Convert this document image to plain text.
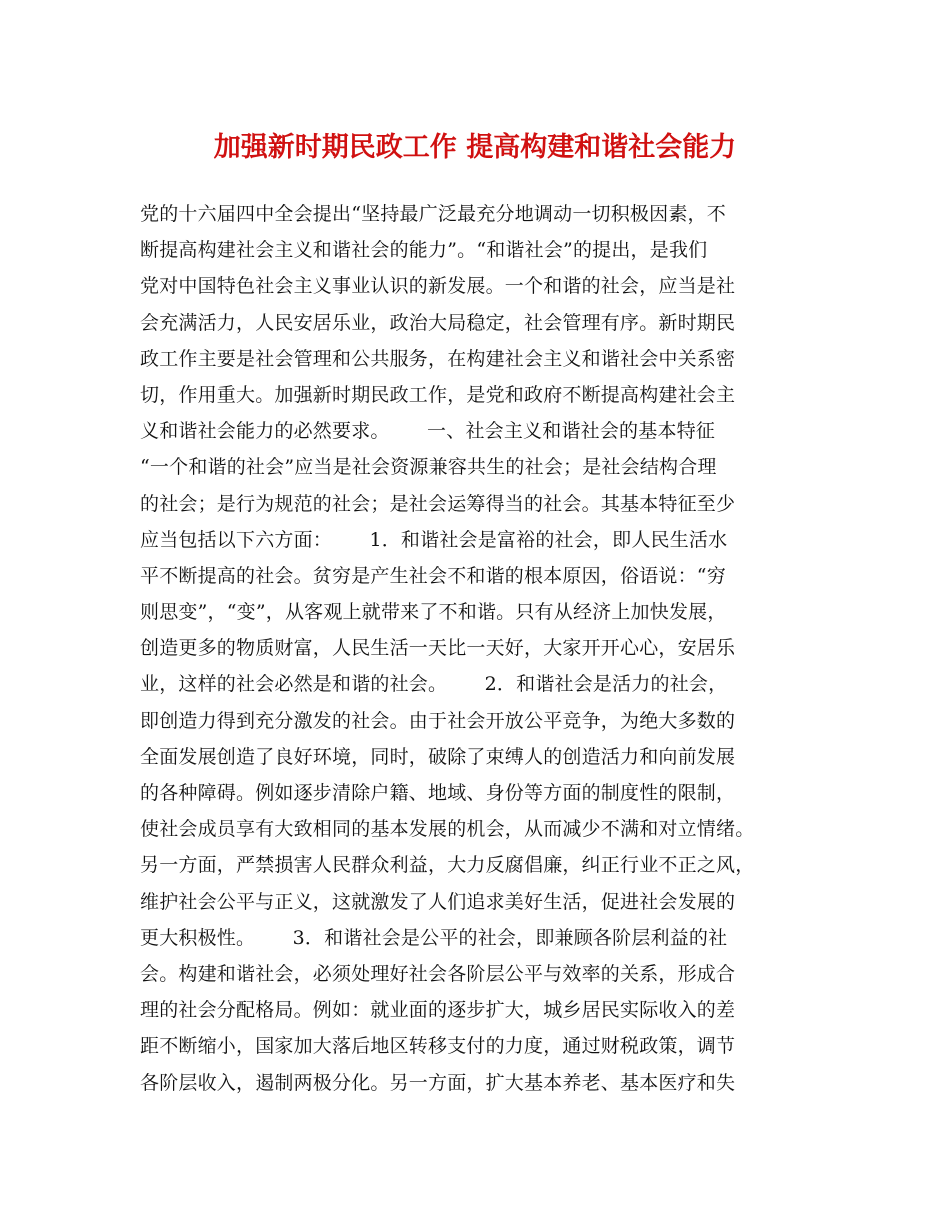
加强新时期民政工作 提高构建和谐社会能力
党的十六届四中全会提出“坚持最广泛最充分地调动一切积极因素，不
断提高构建社会主义和谐社会的能力”。“和谐社会”的提出，是我们
党对中国特色社会主义事业认识的新发展。一个和谐的社会，应当是社
会充满活力，人民安居乐业，政治大局稳定，社会管理有序。新时期民
政工作主要是社会管理和公共服务，在构建社会主义和谐社会中关系密
切，作用重大。加强新时期民政工作，是党和政府不断提高构建社会主
义和谐社会能力的必然要求。      一、社会主义和谐社会的基本特征
“一个和谐的社会”应当是社会资源兼容共生的社会；是社会结构合理
的社会；是行为规范的社会；是社会运筹得当的社会。其基本特征至少
应当包括以下六方面：      1．和谐社会是富裕的社会，即人民生活水
平不断提高的社会。贫穷是产生社会不和谐的根本原因，俗语说：“穷
则思变”，“变”，从客观上就带来了不和谐。只有从经济上加快发展，
创造更多的物质财富，人民生活一天比一天好，大家开开心心，安居乐
业，这样的社会必然是和谐的社会。      2．和谐社会是活力的社会，
即创造力得到充分激发的社会。由于社会开放公平竞争，为绝大多数的
全面发展创造了良好环境，同时，破除了束缚人的创造活力和向前发展
的各种障碍。例如逐步清除户籍、地域、身份等方面的制度性的限制，
使社会成员享有大致相同的基本发展的机会，从而减少不满和对立情绪。
另一方面，严禁损害人民群众利益，大力反腐倡廉，纠正行业不正之风，
维护社会公平与正义，这就激发了人们追求美好生活，促进社会发展的
更大积极性。      3．和谐社会是公平的社会，即兼顾各阶层利益的社
会。构建和谐社会，必须处理好社会各阶层公平与效率的关系，形成合
理的社会分配格局。例如：就业面的逐步扩大，城乡居民实际收入的差
距不断缩小，国家加大落后地区转移支付的力度，通过财税政策，调节
各阶层收入，遏制两极分化。另一方面，扩大基本养老、基本医疗和失
